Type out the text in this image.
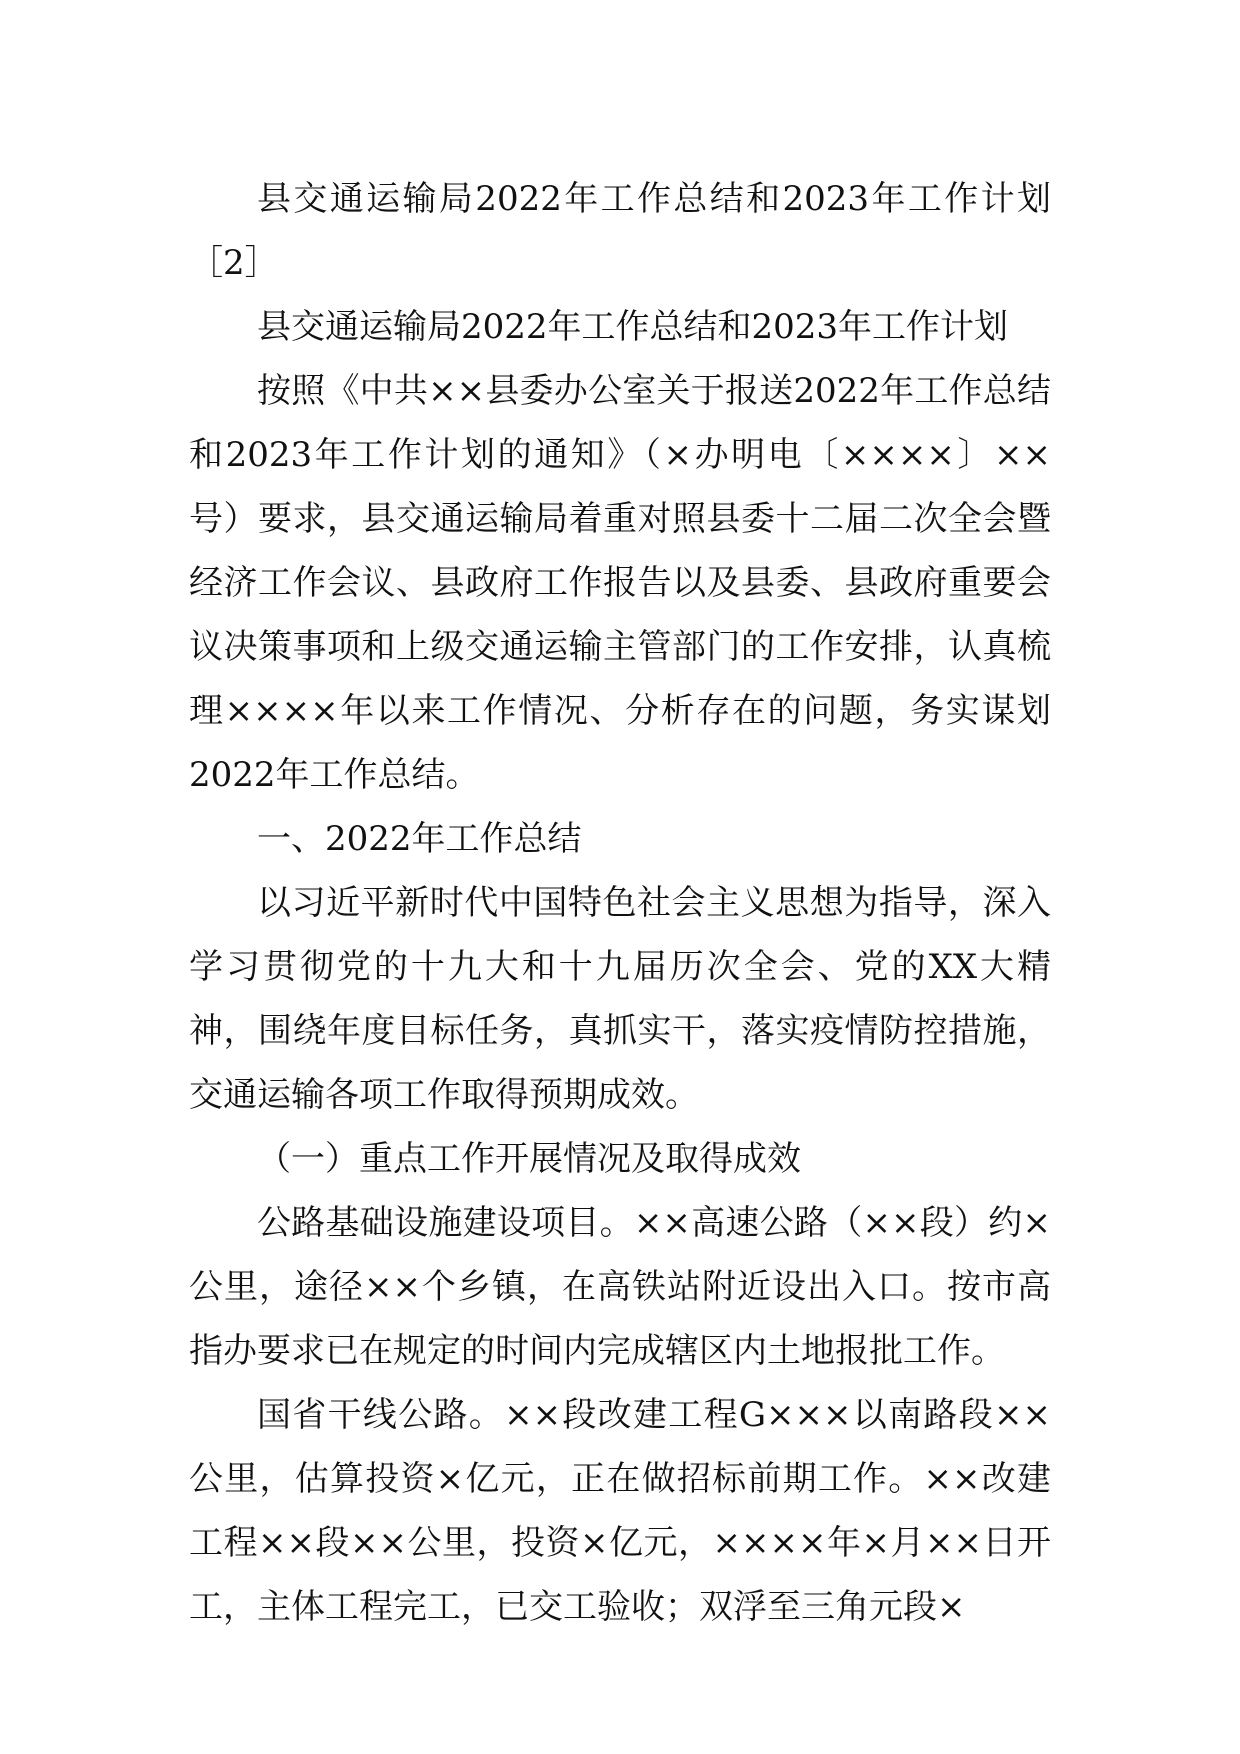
县交通运输局2022年工作总结和2023年工作计划［2］

县交通运输局2022年工作总结和2023年工作计划

按照《中共××县委办公室关于报送2022年工作总结和2023年工作计划的通知》（×办明电〔××××〕××号）要求，县交通运输局着重对照县委十二届二次全会暨经济工作会议、县政府工作报告以及县委、县政府重要会议决策事项和上级交通运输主管部门的工作安排，认真梳理××××年以来工作情况、分析存在的问题，务实谋划2022年工作总结。

一、2022年工作总结

以习近平新时代中国特色社会主义思想为指导，深入学习贯彻党的十九大和十九届历次全会、党的XX大精神，围绕年度目标任务，真抓实干，落实疫情防控措施，交通运输各项工作取得预期成效。

（一）重点工作开展情况及取得成效

公路基础设施建设项目。××高速公路（××段）约×公里，途径××个乡镇，在高铁站附近设出入口。按市高指办要求已在规定的时间内完成辖区内土地报批工作。

国省干线公路。××段改建工程G×××以南路段××公里，估算投资×亿元，正在做招标前期工作。××改建工程××段××公里，投资×亿元，××××年×月××日开工，主体工程完工，已交工验收；双浮至三角元段×
